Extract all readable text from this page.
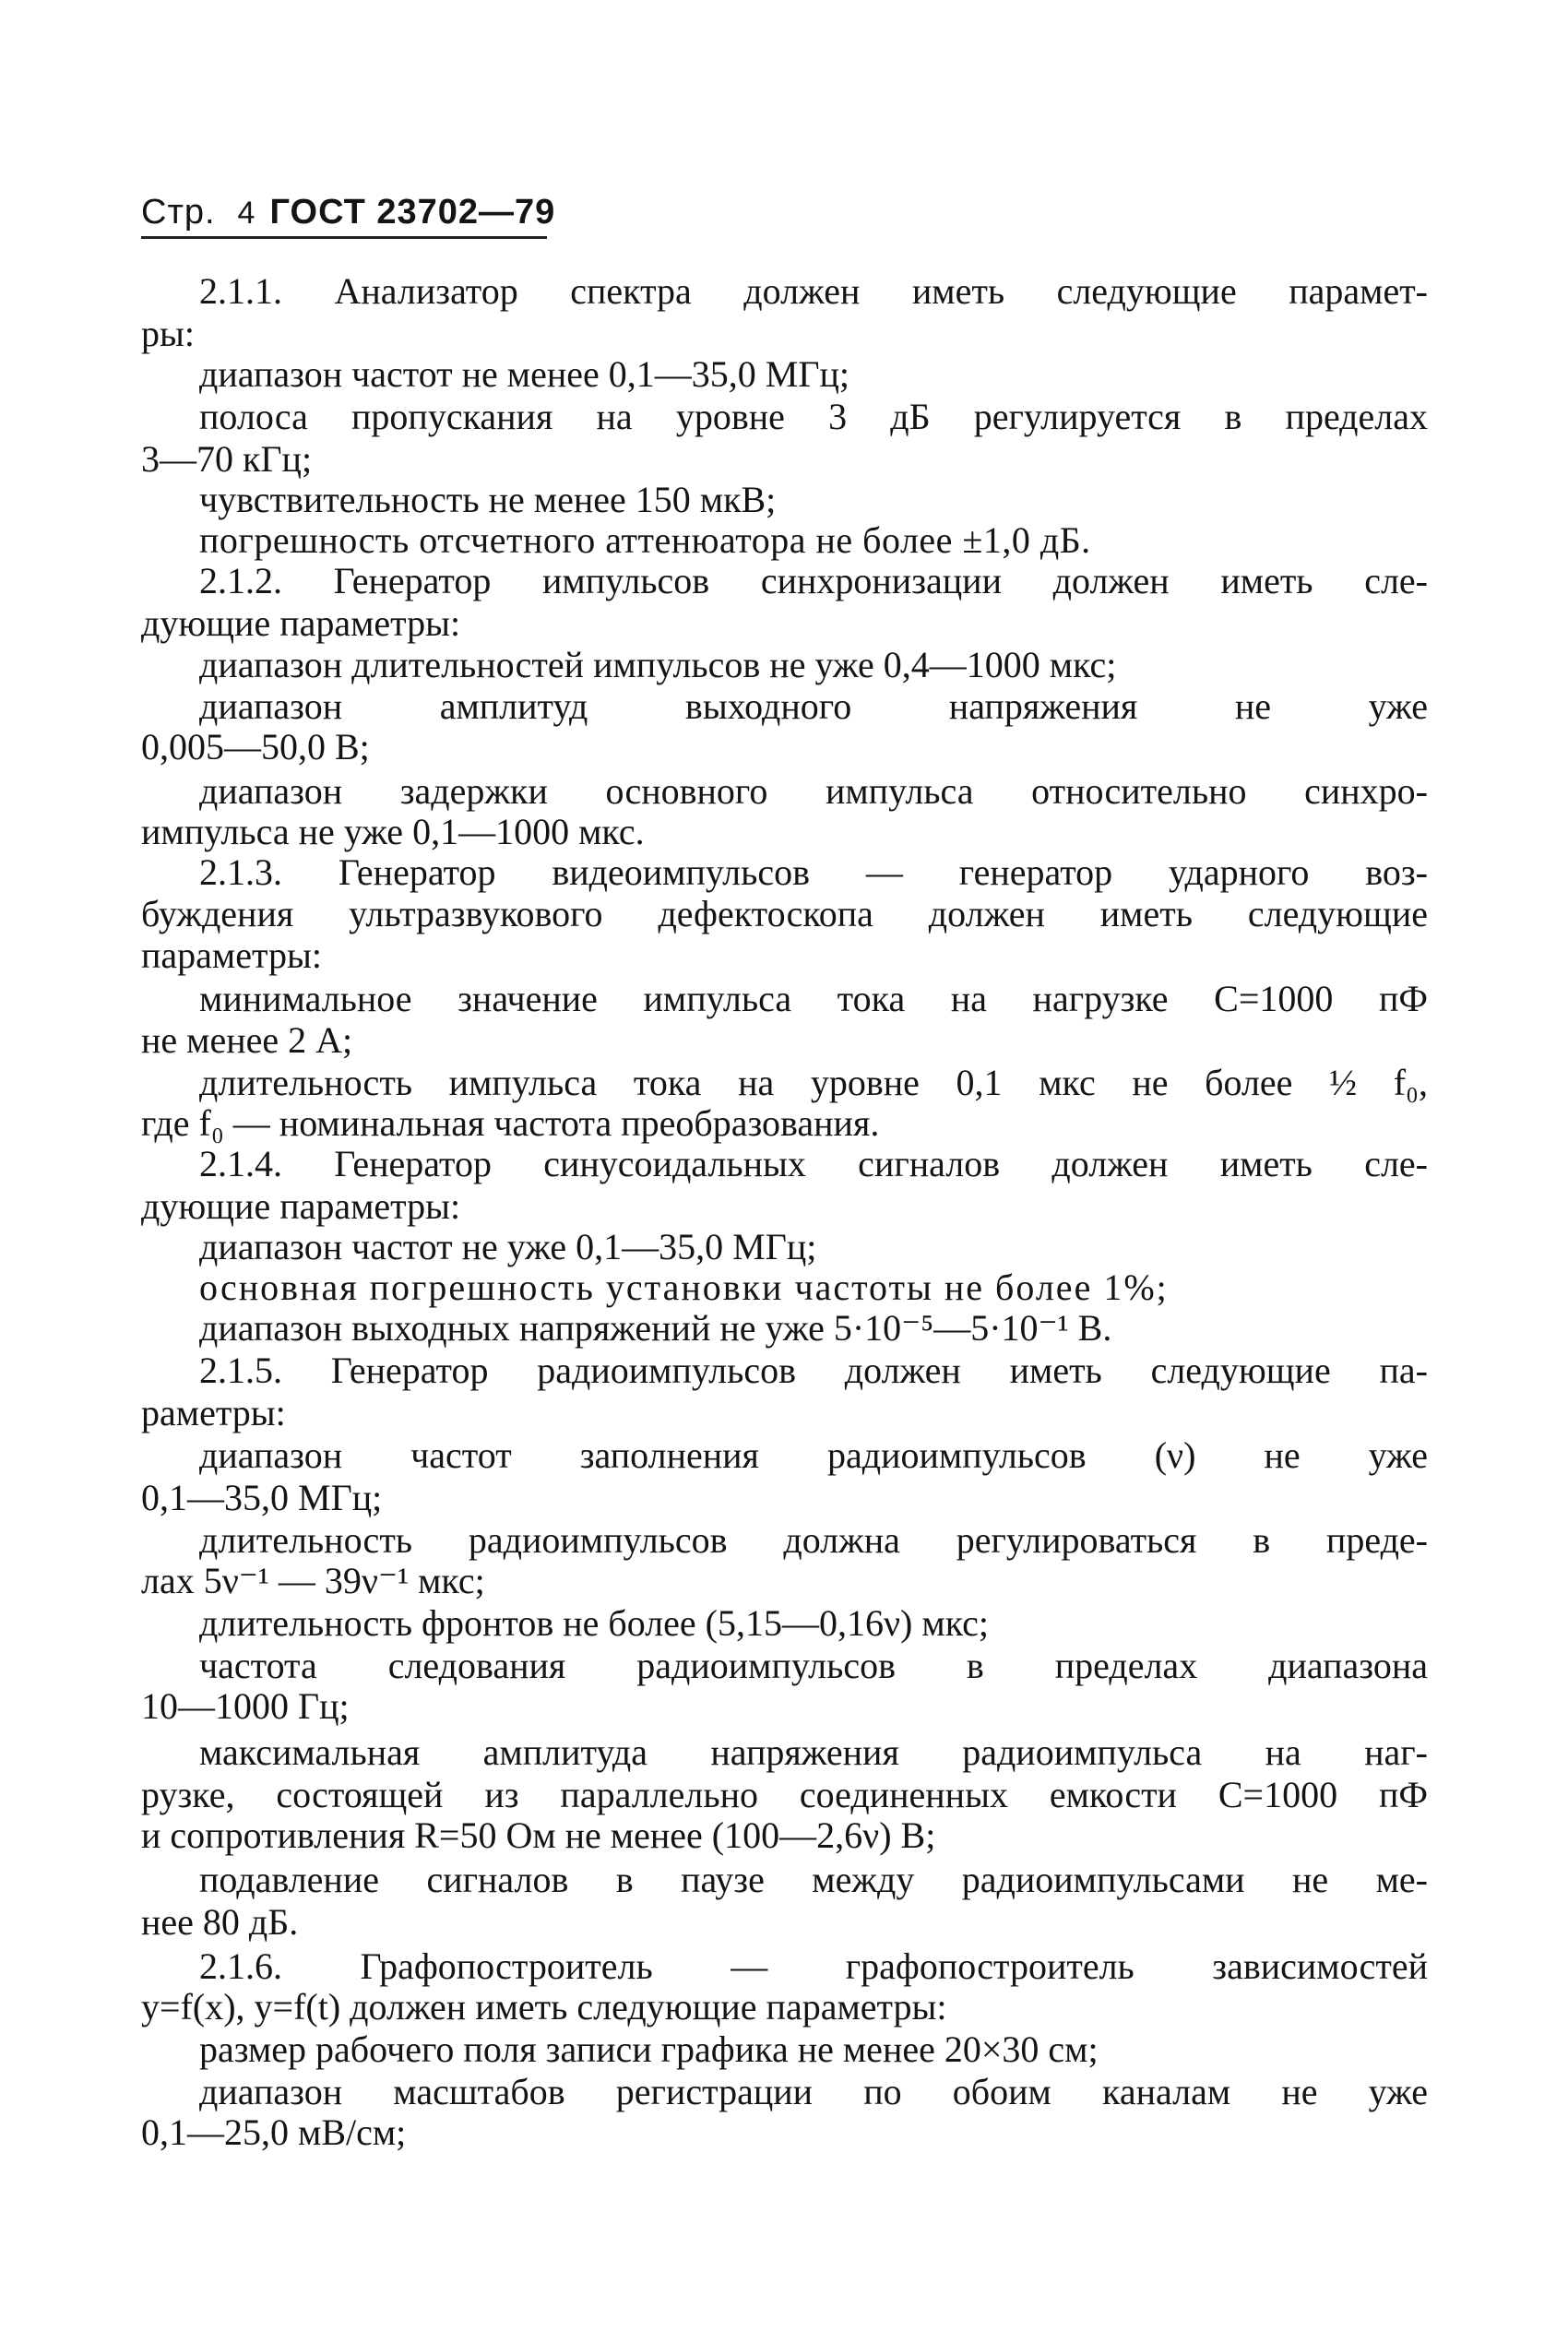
Стр. 4 ГОСТ 23702—79
2.1.1. Анализатор спектра должен иметь следующие парамет-
ры:
диапазон частот не менее 0,1—35,0 МГц;
полоса пропускания на уровне 3 дБ регулируется в пределах
3—70 кГц;
чувствительность не менее 150 мкВ;
погрешность отсчетного аттенюатора не более ±1,0 дБ.
2.1.2. Генератор импульсов синхронизации должен иметь сле-
дующие параметры:
диапазон длительностей импульсов не уже 0,4—1000 мкс;
диапазон амплитуд выходного напряжения не уже
0,005—50,0 В;
диапазон задержки основного импульса относительно синхро-
импульса не уже 0,1—1000 мкс.
2.1.3. Генератор видеоимпульсов — генератор ударного воз-
буждения ультразвукового дефектоскопа должен иметь следующие
параметры:
минимальное значение импульса тока на нагрузке C=1000 пФ
не менее 2 А;
длительность импульса тока на уровне 0,1 мкс не более ½ f₀,
где f₀ — номинальная частота преобразования.
2.1.4. Генератор синусоидальных сигналов должен иметь сле-
дующие параметры:
диапазон частот не уже 0,1—35,0 МГц;
основная погрешность установки частоты не более 1%;
диапазон выходных напряжений не уже 5·10⁻⁵—5·10⁻¹ В.
2.1.5. Генератор радиоимпульсов должен иметь следующие па-
раметры:
диапазон частот заполнения радиоимпульсов (ν) не уже
0,1—35,0 МГц;
длительность радиоимпульсов должна регулироваться в преде-
лах 5ν⁻¹ — 39ν⁻¹ мкс;
длительность фронтов не более (5,15—0,16ν) мкс;
частота следования радиоимпульсов в пределах диапазона
10—1000 Гц;
максимальная амплитуда напряжения радиоимпульса на наг-
рузке, состоящей из параллельно соединенных емкости C=1000 пФ
и сопротивления R=50 Ом не менее (100—2,6ν) В;
подавление сигналов в паузе между радиоимпульсами не ме-
нее 80 дБ.
2.1.6. Графопостроитель — графопостроитель зависимостей
y=f(x), y=f(t) должен иметь следующие параметры:
размер рабочего поля записи графика не менее 20×30 см;
диапазон масштабов регистрации по обоим каналам не уже
0,1—25,0 мВ/см;
